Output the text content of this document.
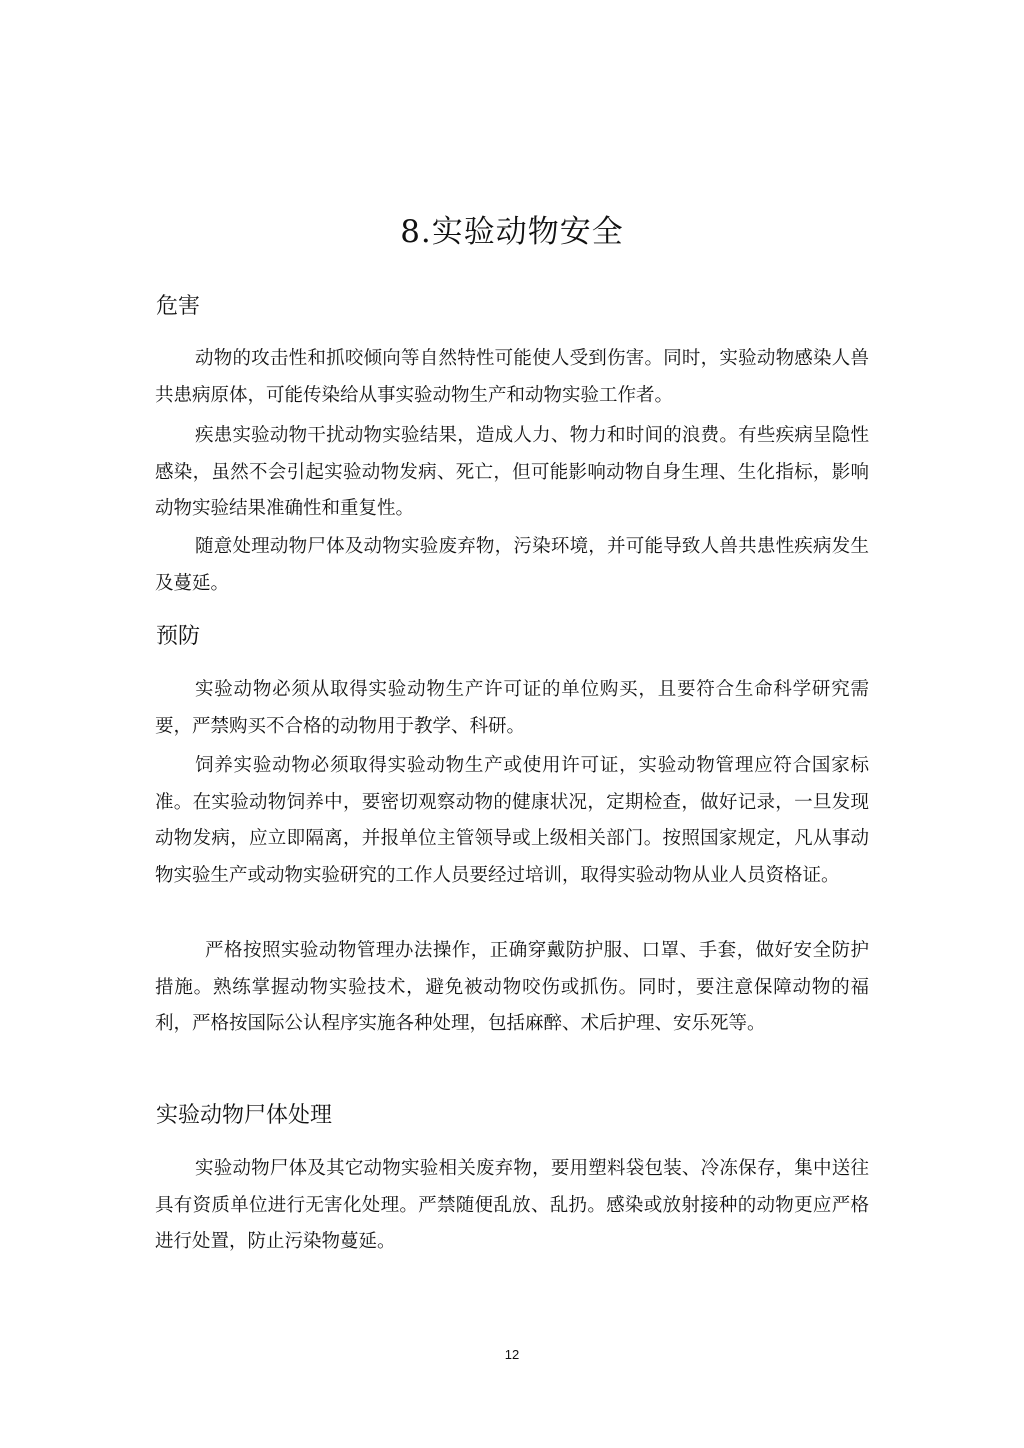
8.实验动物安全
危害
动物的攻击性和抓咬倾向等自然特性可能使人受到伤害。同时，实验动物感染人兽共患病原体，可能传染给从事实验动物生产和动物实验工作者。
疾患实验动物干扰动物实验结果，造成人力、物力和时间的浪费。有些疾病呈隐性感染，虽然不会引起实验动物发病、死亡，但可能影响动物自身生理、生化指标，影响动物实验结果准确性和重复性。
随意处理动物尸体及动物实验废弃物，污染环境，并可能导致人兽共患性疾病发生及蔓延。
预防
实验动物必须从取得实验动物生产许可证的单位购买，且要符合生命科学研究需要，严禁购买不合格的动物用于教学、科研。
饲养实验动物必须取得实验动物生产或使用许可证，实验动物管理应符合国家标准。在实验动物饲养中，要密切观察动物的健康状况，定期检查，做好记录，一旦发现动物发病，应立即隔离，并报单位主管领导或上级相关部门。按照国家规定，凡从事动物实验生产或动物实验研究的工作人员要经过培训，取得实验动物从业人员资格证。
严格按照实验动物管理办法操作，正确穿戴防护服、口罩、手套，做好安全防护措施。熟练掌握动物实验技术，避免被动物咬伤或抓伤。同时，要注意保障动物的福利，严格按国际公认程序实施各种处理，包括麻醉、术后护理、安乐死等。
实验动物尸体处理
实验动物尸体及其它动物实验相关废弃物，要用塑料袋包装、冷冻保存，集中送往具有资质单位进行无害化处理。严禁随便乱放、乱扔。感染或放射接种的动物更应严格进行处置，防止污染物蔓延。
12
